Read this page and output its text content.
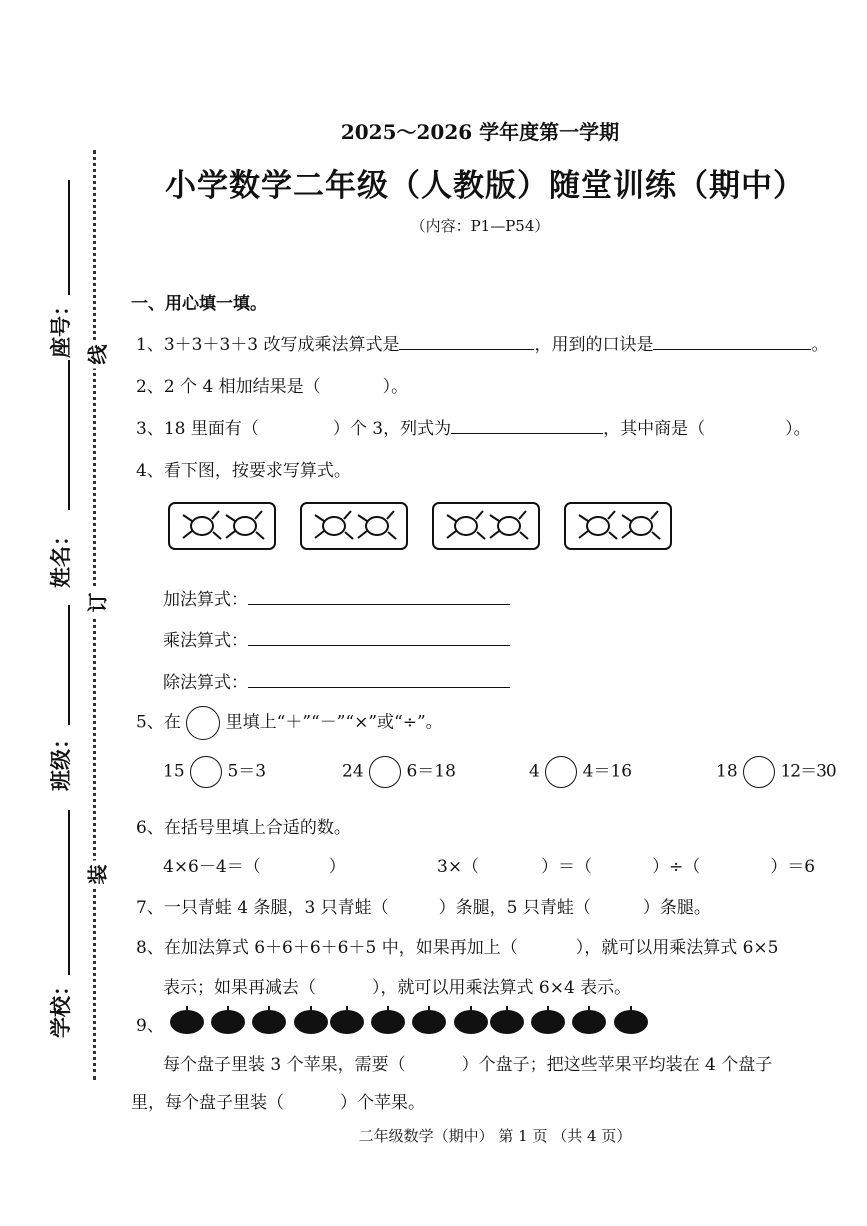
座号：
姓名：
班级：
学校：
线
订
装
2025～2026 学年度第一学期
小学数学二年级（人教版）随堂训练（期中）
（内容：P1—P54）
一、用心填一填。
1、3＋3＋3＋3 改写成乘法算式是	，用到的口诀是	。
2、2 个 4 相加结果是（	）。
3、18 里面有（	）个 3，列式为	，其中商是（	）。
4、看下图，按要求写算式。
加法算式：
乘法算式：
除法算式：
5、在	里填上“＋”“－”“×”或“÷”。
15	5＝3	24	6＝18	4	4＝16	18	12＝30
6、在括号里填上合适的数。
4×6－4＝（	）	3×（	）＝（	）÷（	）＝6
7、一只青蛙 4 条腿，3 只青蛙（	）条腿，5 只青蛙（	）条腿。
8、在加法算式 6＋6＋6＋6＋5 中，如果再加上（	），就可以用乘法算式 6×5
表示；如果再减去（	），就可以用乘法算式 6×4 表示。
9、
每个盘子里装 3 个苹果，需要（	）个盘子；把这些苹果平均装在 4 个盘子
里，每个盘子里装（	）个苹果。
二年级数学（期中） 第 1 页 （共 4 页）
